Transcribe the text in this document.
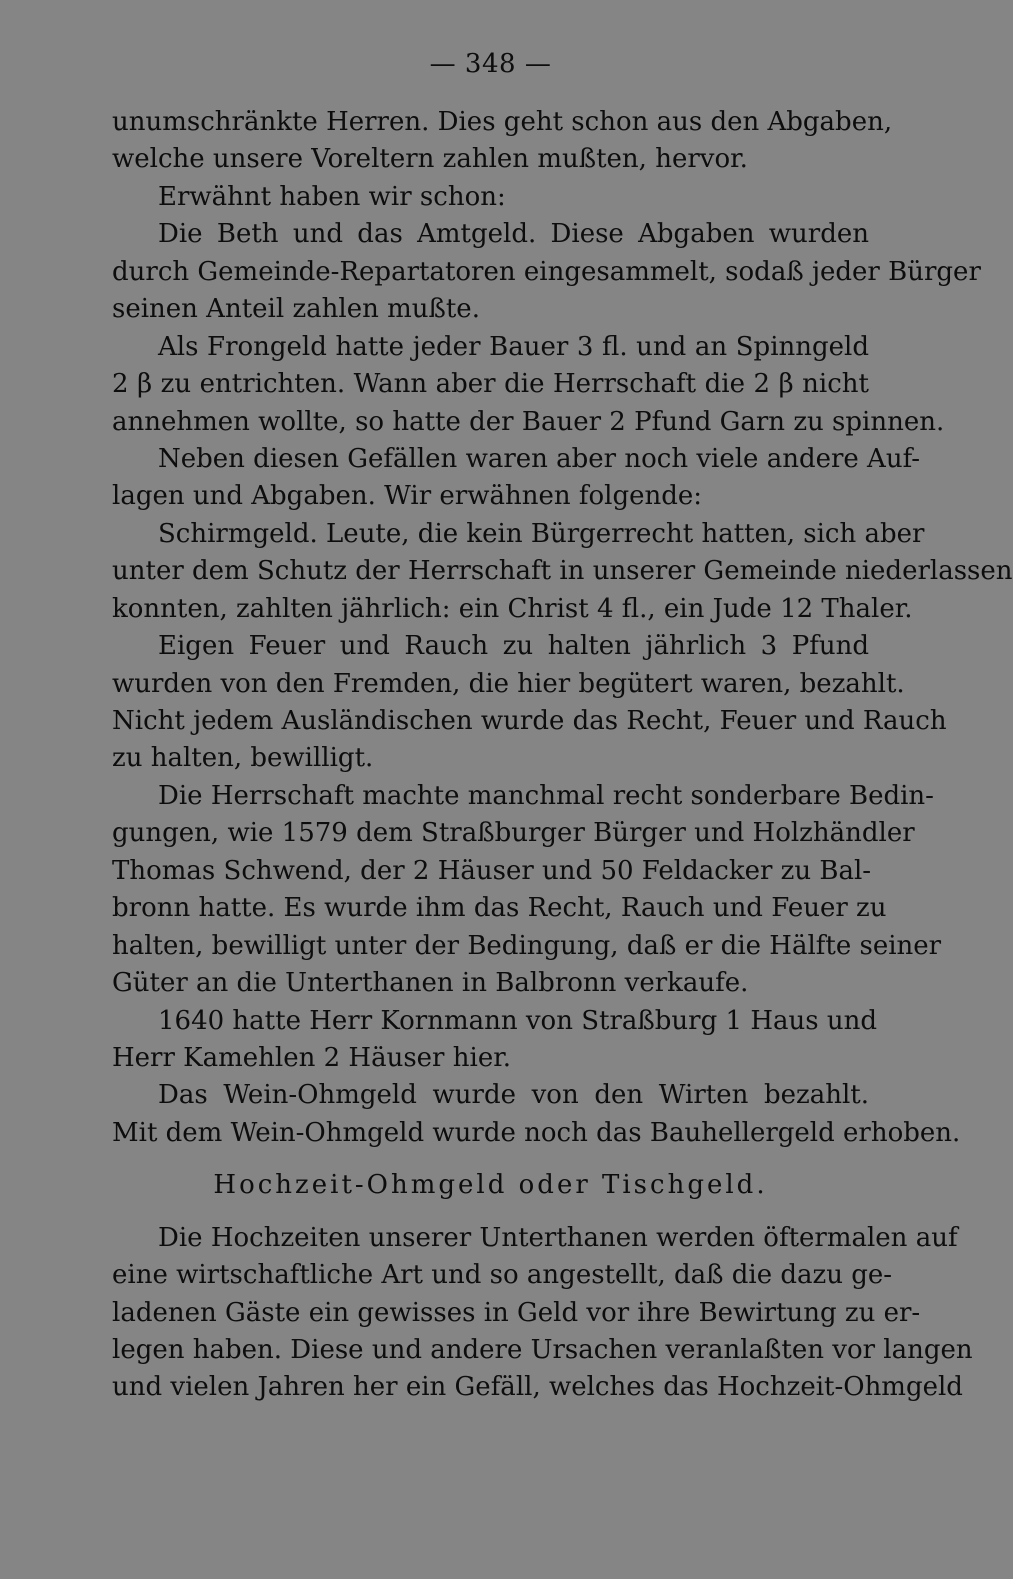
— 348 —
unumschränkte Herren. Dies geht schon aus den Abgaben,
welche unsere Voreltern zahlen mußten, hervor.
Erwähnt haben wir schon:
Die Beth und das Amtgeld. Diese Abgaben wurden
durch Gemeinde-Repartatoren eingesammelt, sodaß jeder Bürger
seinen Anteil zahlen mußte.
Als Frongeld hatte jeder Bauer 3 fl. und an Spinngeld
2 β zu entrichten. Wann aber die Herrschaft die 2 β nicht
annehmen wollte, so hatte der Bauer 2 Pfund Garn zu spinnen.
Neben diesen Gefällen waren aber noch viele andere Auf-
lagen und Abgaben. Wir erwähnen folgende:
Schirmgeld. Leute, die kein Bürgerrecht hatten, sich aber
unter dem Schutz der Herrschaft in unserer Gemeinde niederlassen
konnten, zahlten jährlich: ein Christ 4 fl., ein Jude 12 Thaler.
Eigen Feuer und Rauch zu halten jährlich 3 Pfund
wurden von den Fremden, die hier begütert waren, bezahlt.
Nicht jedem Ausländischen wurde das Recht, Feuer und Rauch
zu halten, bewilligt.
Die Herrschaft machte manchmal recht sonderbare Bedin-
gungen, wie 1579 dem Straßburger Bürger und Holzhändler
Thomas Schwend, der 2 Häuser und 50 Feldacker zu Bal-
bronn hatte. Es wurde ihm das Recht, Rauch und Feuer zu
halten, bewilligt unter der Bedingung, daß er die Hälfte seiner
Güter an die Unterthanen in Balbronn verkaufe.
1640 hatte Herr Kornmann von Straßburg 1 Haus und
Herr Kamehlen 2 Häuser hier.
Das Wein-Ohmgeld wurde von den Wirten bezahlt.
Mit dem Wein-Ohmgeld wurde noch das Bauhellergeld erhoben.
Hochzeit-Ohmgeld oder Tischgeld.
Die Hochzeiten unserer Unterthanen werden öftermalen auf
eine wirtschaftliche Art und so angestellt, daß die dazu ge-
ladenen Gäste ein gewisses in Geld vor ihre Bewirtung zu er-
legen haben. Diese und andere Ursachen veranlaßten vor langen
und vielen Jahren her ein Gefäll, welches das Hochzeit-Ohmgeld
